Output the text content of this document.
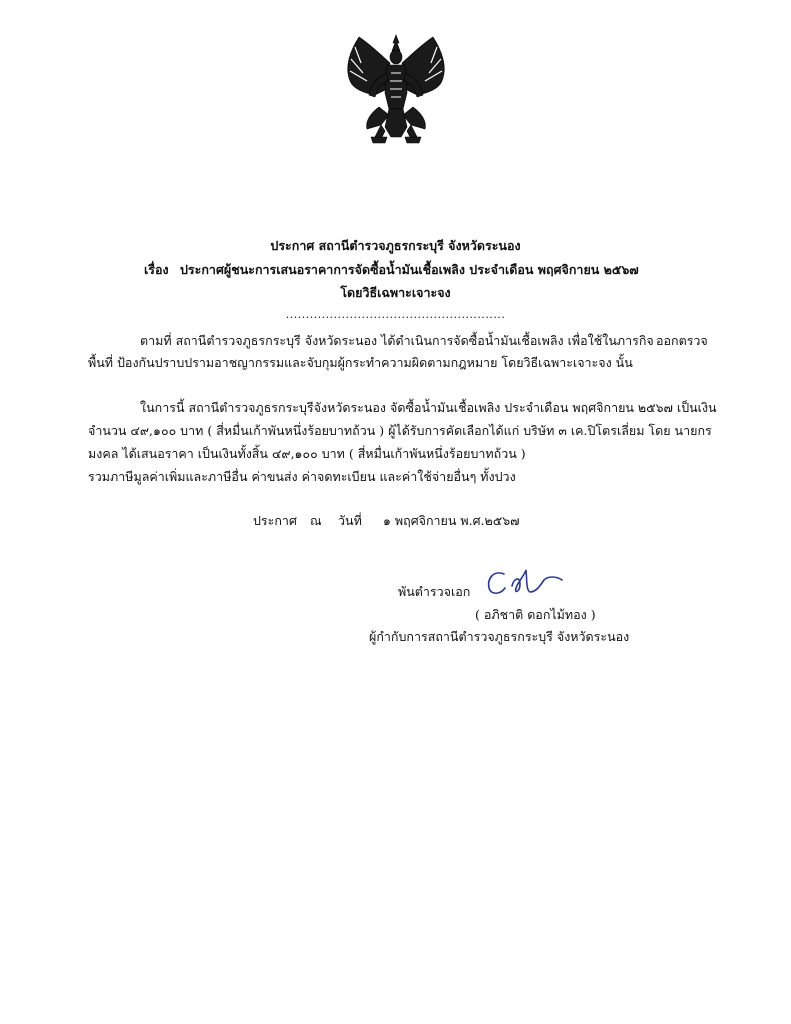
ประกาศ สถานีตำรวจภูธรกระบุรี จังหวัดระนอง
เรื่อง ประกาศผู้ชนะการเสนอราคาการจัดซื้อน้ำมันเชื้อเพลิง ประจำเดือน พฤศจิกายน ๒๕๖๗
โดยวิธีเฉพาะเจาะจง
.......................................................
ตามที่ สถานีตำรวจภูธรกระบุรี จังหวัดระนอง ได้ดำเนินการจัดซื้อน้ำมันเชื้อเพลิง เพื่อใช้ในภารกิจ ออกตรวจ
พื้นที่ ป้องกันปราบปรามอาชญากรรมและจับกุมผู้กระทำความผิดตามกฎหมาย โดยวิธีเฉพาะเจาะจง นั้น
ในการนี้ สถานีตำรวจภูธรกระบุรีจังหวัดระนอง จัดซื้อน้ำมันเชื้อเพลิง ประจำเดือน พฤศจิกายน ๒๕๖๗ เป็นเงิน
จำนวน ๔๙,๑๐๐ บาท ( สี่หมื่นเก้าพันหนึ่งร้อยบาทถ้วน ) ผู้ได้รับการคัดเลือกได้แก่ บริษัท ๓ เค.ปิโตรเลี่ยม โดย นายกร
มงคล ได้เสนอราคา เป็นเงินทั้งสิ้น ๔๙,๑๐๐ บาท ( สี่หมื่นเก้าพันหนึ่งร้อยบาทถ้วน )
รวมภาษีมูลค่าเพิ่มและภาษีอื่น ค่าขนส่ง ค่าจดทะเบียน และค่าใช้จ่ายอื่นๆ ทั้งปวง
ประกาศ ณ วันที่ ๑ พฤศจิกายน พ.ศ.๒๕๖๗
พันตำรวจเอก
( อภิชาติ ดอกไม้ทอง )
ผู้กำกับการสถานีตำรวจภูธรกระบุรี จังหวัดระนอง
